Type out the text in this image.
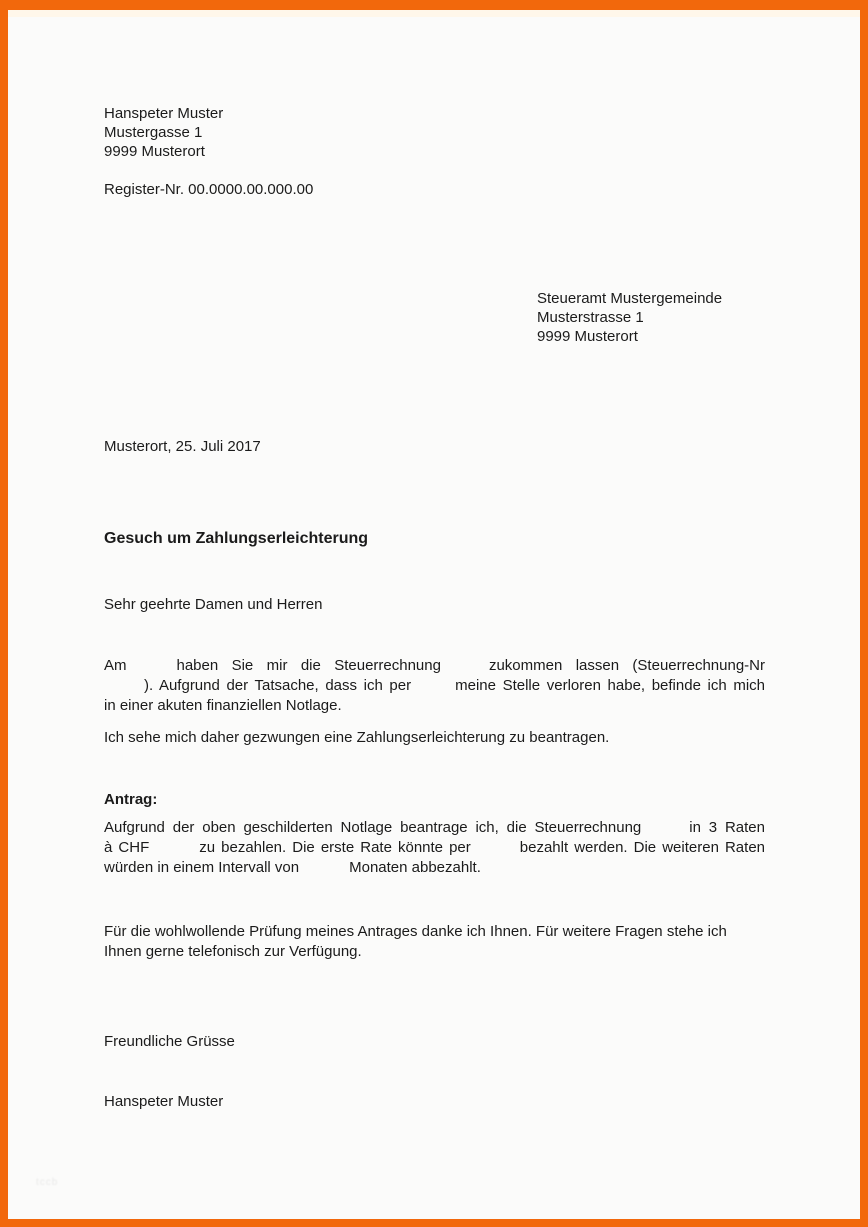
Hanspeter Muster
Mustergasse 1
9999 Musterort
Register-Nr. 00.0000.00.000.00
Steueramt Mustergemeinde
Musterstrasse 1
9999 Musterort
Musterort, 25. Juli 2017
Gesuch um Zahlungserleichterung
Sehr geehrte Damen und Herren
Am	haben Sie mir die Steuerrechnung	zukommen lassen (Steuerrechnung-Nr
). Aufgrund der Tatsache, dass ich per	meine Stelle verloren habe, befinde ich mich
in einer akuten finanziellen Notlage.
Ich sehe mich daher gezwungen eine Zahlungserleichterung zu beantragen.
Antrag:
Aufgrund der oben geschilderten Notlage beantrage ich, die Steuerrechnung	in 3 Raten
à CHF	zu bezahlen. Die erste Rate könnte per	bezahlt werden. Die weiteren Raten
würden in einem Intervall von	Monaten abbezahlt.
Für die wohlwollende Prüfung meines Antrages danke ich Ihnen. Für weitere Fragen stehe ich
Ihnen gerne telefonisch zur Verfügung.
Freundliche Grüsse
Hanspeter Muster
tccb
